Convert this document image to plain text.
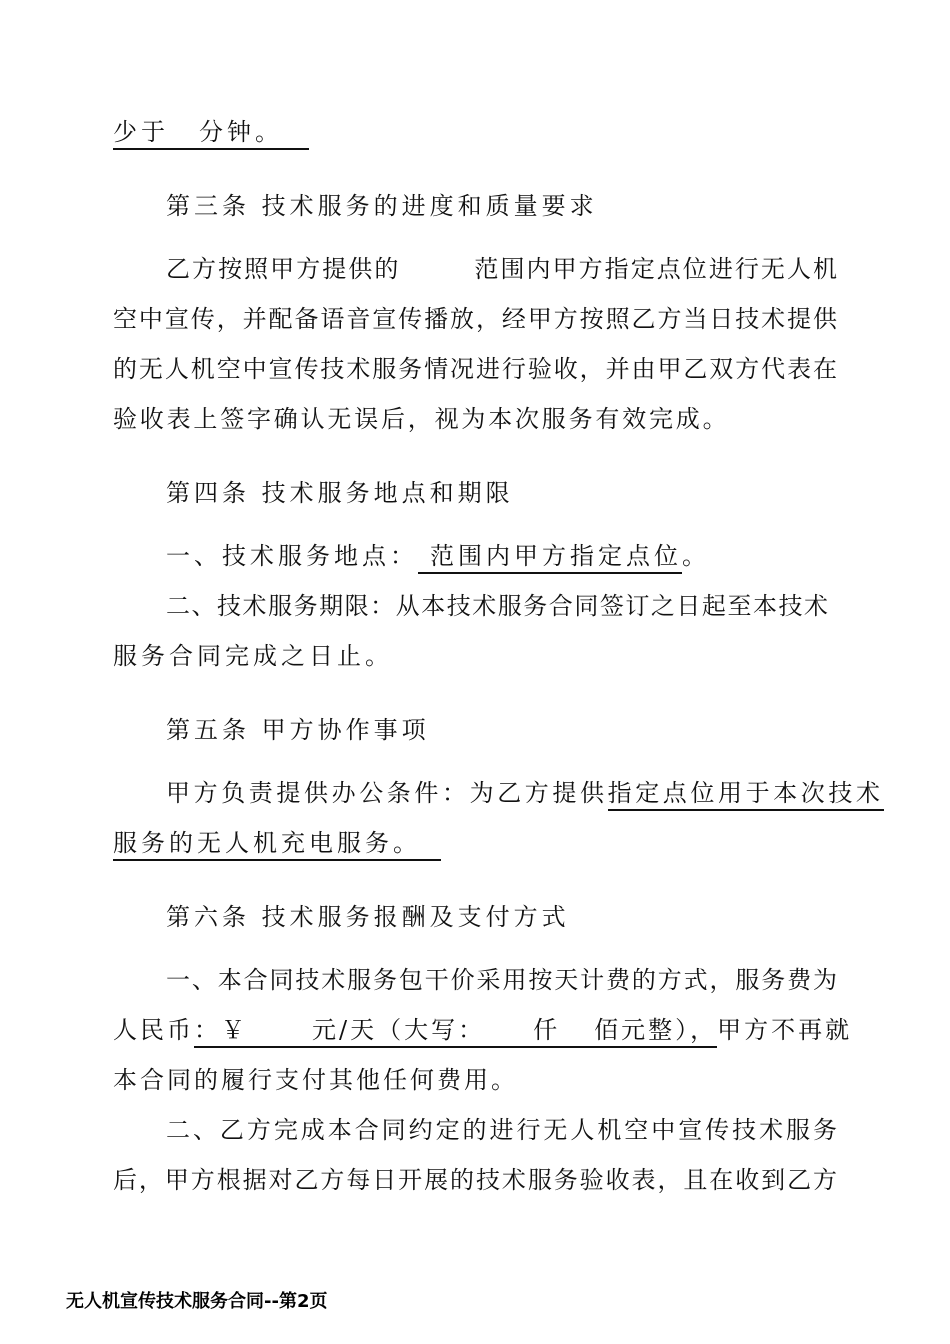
少于 分钟。
第三条 技术服务的进度和质量要求
乙方按照甲方提供的	范围内甲方指定点位进行无人机
空中宣传，并配备语音宣传播放，经甲方按照乙方当日技术提供
的无人机空中宣传技术服务情况进行验收，并由甲乙双方代表在
验收表上签字确认无误后，视为本次服务有效完成。
第四条 技术服务地点和期限
一、技术服务地点： 范围内甲方指定点位。
二、技术服务期限：从本技术服务合同签订之日起至本技术
服务合同完成之日止。
第五条 甲方协作事项
甲方负责提供办公条件：为乙方提供指定点位用于本次技术
服务的无人机充电服务。
第六条 技术服务报酬及支付方式
一、本合同技术服务包干价采用按天计费的方式，服务费为
人民币：￥	元/天（大写： 仟 佰元整），甲方不再就
本合同的履行支付其他任何费用。
二、乙方完成本合同约定的进行无人机空中宣传技术服务
后，甲方根据对乙方每日开展的技术服务验收表，且在收到乙方
无人机宣传技术服务合同--第2页
